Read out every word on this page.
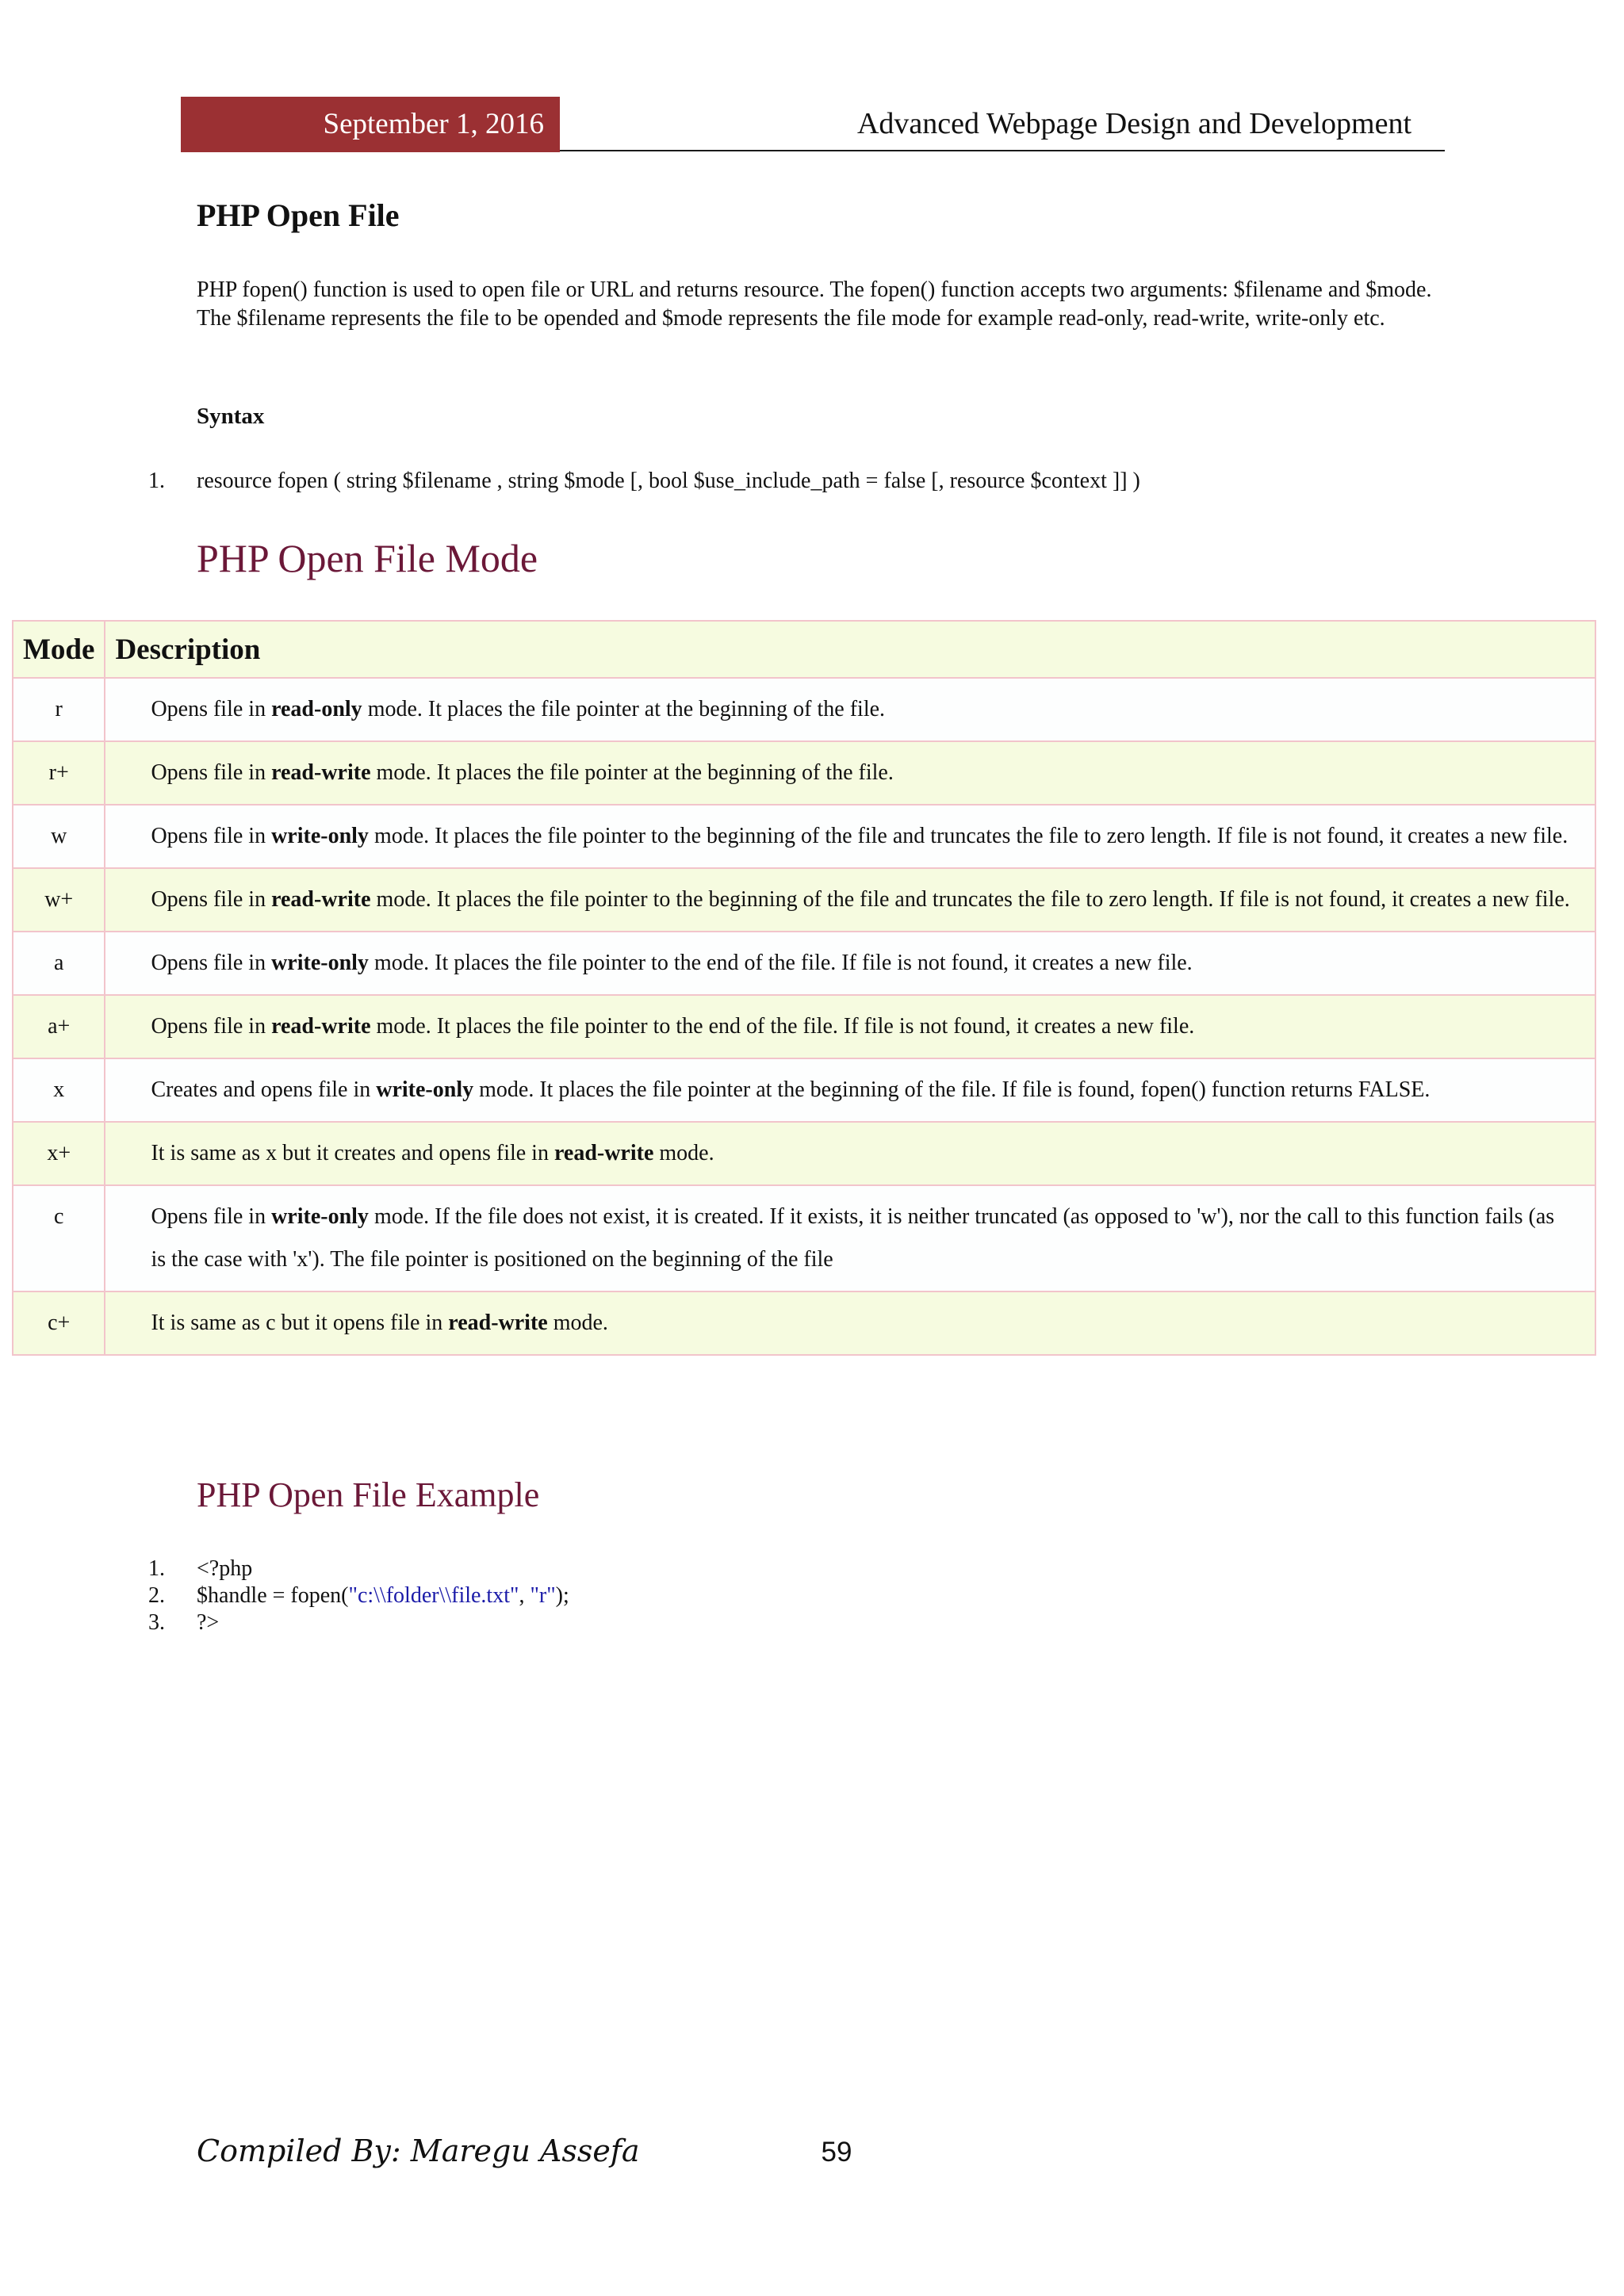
September 1, 2016	Advanced Webpage Design and Development
PHP Open File

PHP fopen() function is used to open file or URL and returns resource. The fopen() function accepts two arguments: $filename and $mode. The $filename represents the file to be opended and $mode represents the file mode for example read-only, read-write, write-only etc.

Syntax
1. resource fopen ( string $filename , string $mode [, bool $use_include_path = false [, resource $context ]] )
PHP Open File Mode
Mode	Description
r	Opens file in read-only mode. It places the file pointer at the beginning of the file.
r+	Opens file in read-write mode. It places the file pointer at the beginning of the file.
w	Opens file in write-only mode. It places the file pointer to the beginning of the file and truncates the file to zero length. If file is not found, it creates a new file.
w+	Opens file in read-write mode. It places the file pointer to the beginning of the file and truncates the file to zero length. If file is not found, it creates a new file.
a	Opens file in write-only mode. It places the file pointer to the end of the file. If file is not found, it creates a new file.
a+	Opens file in read-write mode. It places the file pointer to the end of the file. If file is not found, it creates a new file.
x	Creates and opens file in write-only mode. It places the file pointer at the beginning of the file. If file is found, fopen() function returns FALSE.
x+	It is same as x but it creates and opens file in read-write mode.
c	Opens file in write-only mode. If the file does not exist, it is created. If it exists, it is neither truncated (as opposed to 'w'), nor the call to this function fails (as is the case with 'x'). The file pointer is positioned on the beginning of the file
c+	It is same as c but it opens file in read-write mode.
PHP Open File Example
1. <?php
2. $handle = fopen("c:\\folder\\file.txt", "r");
3. ?>
Compiled By: Maregu Assefa	59
